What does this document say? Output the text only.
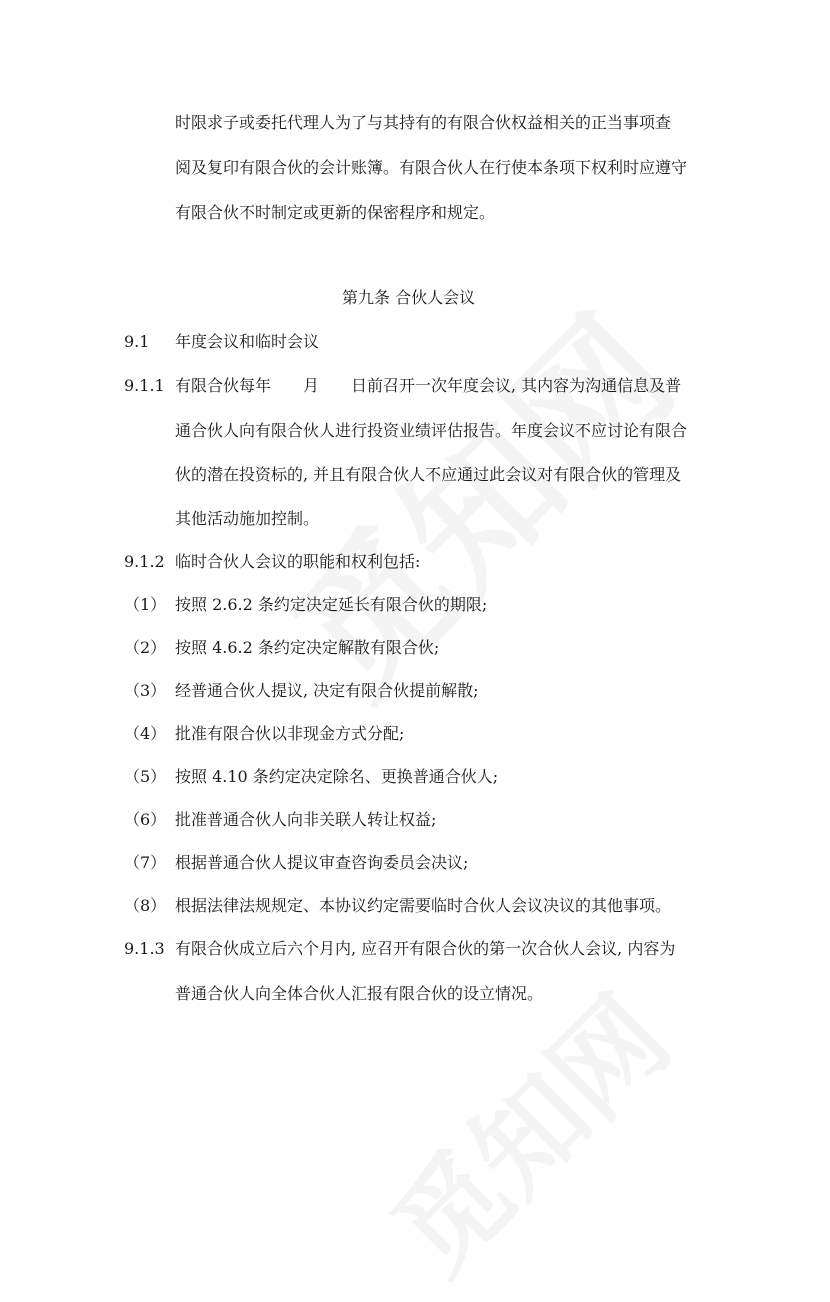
时限求子或委托代理人为了与其持有的有限合伙权益相关的正当事项查
阅及复印有限合伙的会计账簿。有限合伙人在行使本条项下权利时应遵守
有限合伙不时制定或更新的保密程序和规定。
第九条 合伙人会议
9.1 年度会议和临时会议
9.1.1 有限合伙每年　　月　　日前召开一次年度会议, 其内容为沟通信息及普
通合伙人向有限合伙人进行投资业绩评估报告。年度会议不应讨论有限合
伙的潜在投资标的, 并且有限合伙人不应通过此会议对有限合伙的管理及
其他活动施加控制。
9.1.2 临时合伙人会议的职能和权利包括:
（1） 按照 2.6.2 条约定决定延长有限合伙的期限;
（2） 按照 4.6.2 条约定决定解散有限合伙;
（3） 经普通合伙人提议, 决定有限合伙提前解散;
（4） 批准有限合伙以非现金方式分配;
（5） 按照 4.10 条约定决定除名、更换普通合伙人;
（6） 批准普通合伙人向非关联人转让权益;
（7） 根据普通合伙人提议审查咨询委员会决议;
（8） 根据法律法规规定、本协议约定需要临时合伙人会议决议的其他事项。
9.1.3 有限合伙成立后六个月内, 应召开有限合伙的第一次合伙人会议, 内容为
普通合伙人向全体合伙人汇报有限合伙的设立情况。
